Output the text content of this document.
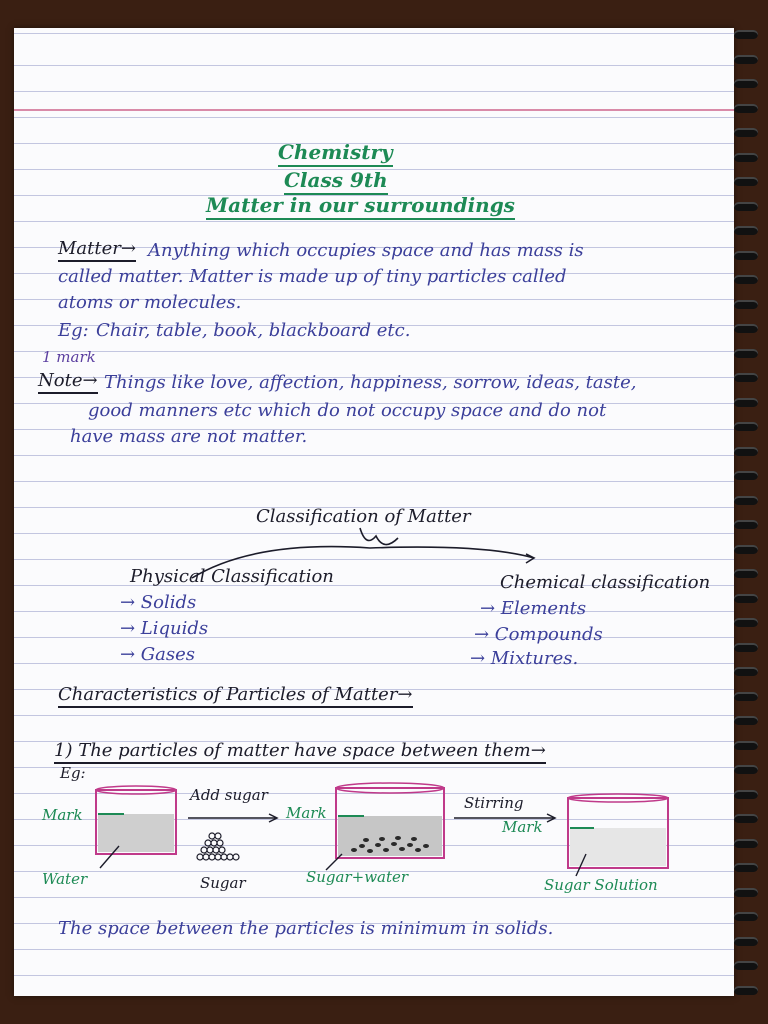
Chemistry
Class 9th
Matter in our surroundings
Matter→ Anything which occupies space and has mass is
called matter. Matter is made up of tiny particles called
atoms or molecules.
Eg: Chair, table, book, blackboard etc.
1 mark
Note→ Things like love, affection, happiness, sorrow, ideas, taste,
good manners etc which do not occupy space and do not
have mass are not matter.
Classification of Matter
Physical Classification
→ Solids
→ Liquids
→ Gases
Chemical classification
→ Elements
→ Compounds
→ Mixtures.
Characteristics of Particles of Matter→
1) The particles of matter have space between them→
Eg:
Mark
Water
Add sugar
Sugar
Mark
Sugar+water
Stirring
Mark
Sugar Solution
The space between the particles is minimum in solids.
